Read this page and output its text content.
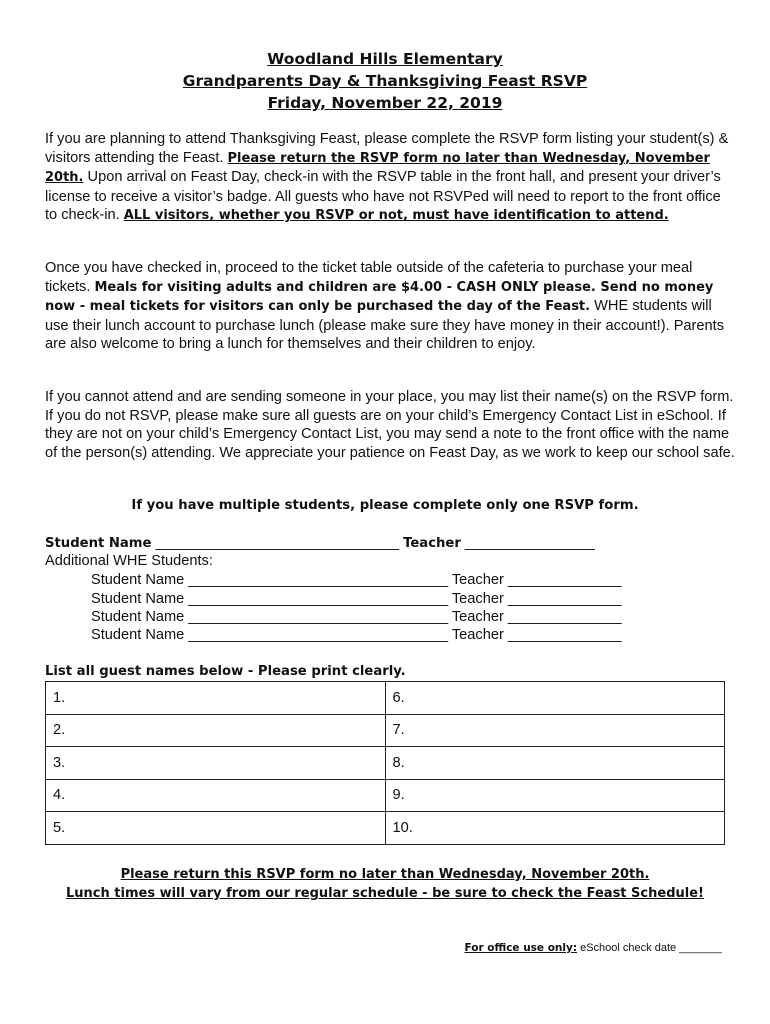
Woodland Hills Elementary
Grandparents Day & Thanksgiving Feast RSVP
Friday, November 22, 2019
If you are planning to attend Thanksgiving Feast, please complete the RSVP form listing your student(s) & visitors attending the Feast. Please return the RSVP form no later than Wednesday, November 20th. Upon arrival on Feast Day, check-in with the RSVP table in the front hall, and present your driver’s license to receive a visitor’s badge. All guests who have not RSVPed will need to report to the front office to check-in. ALL visitors, whether you RSVP or not, must have identification to attend.
Once you have checked in, proceed to the ticket table outside of the cafeteria to purchase your meal tickets. Meals for visiting adults and children are $4.00 - CASH ONLY please. Send no money now - meal tickets for visitors can only be purchased the day of the Feast. WHE students will use their lunch account to purchase lunch (please make sure they have money in their account!). Parents are also welcome to bring a lunch for themselves and their children to enjoy.
If you cannot attend and are sending someone in your place, you may list their name(s) on the RSVP form. If you do not RSVP, please make sure all guests are on your child’s Emergency Contact List in eSchool. If they are not on your child’s Emergency Contact List, you may send a note to the front office with the name of the person(s) attending. We appreciate your patience on Feast Day, as we work to keep our school safe.
If you have multiple students, please complete only one RSVP form.
Student Name ______________________________ Teacher ________________
Additional WHE Students:
Student Name ________________________________ Teacher ______________
Student Name ________________________________ Teacher ______________
Student Name ________________________________ Teacher ______________
Student Name ________________________________ Teacher ______________
List all guest names below - Please print clearly.
1.	6.
2.	7.
3.	8.
4.	9.
5.	10.
Please return this RSVP form no later than Wednesday, November 20th.
Lunch times will vary from our regular schedule - be sure to check the Feast Schedule!
For office use only: eSchool check date _______
